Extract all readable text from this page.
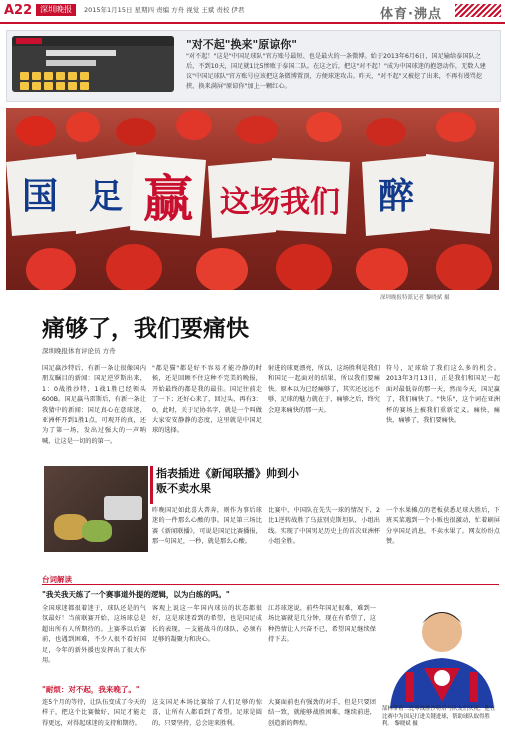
A22 深圳晚报	2015年1月15日 星期四 责编 方舟 视觉 王斌 责校 伊君	体育·沸点
"对不起"换来"原谅你"
"对不起！"这是"中国足球队"官方账号最短、也是最火的一条微博。始于2013年6月6日，国足输给泰国队之后，不到10天，国足就1比5惨败于泰国二队。在这之后，把这"对不起！"成为中国球迷的抱怨动作，无数人建议"中国足球队"官方账号应该把这条微博置顶，方便球迷攻击。昨天，"对不起"又被挖了出来，不再有谩骂挖挟，换来满屏"原谅你"加上一颗红心。
国 足 赢 这场我们 醉
深圳晚报特派记者 黎晓斌 摄
痛够了，我们要痛快
深圳晚报体育评论员 方舟
国足赢沙特后，有新一条让很像国内朋友瞩目的新闻：国足逆罗斯出来，1：0战胜沙特，1战1胜已经领头600B。国足赢马雷斯后，有新一条让我猜中的新闻：国足真心在意球迷，亚洲杯开到1胜1点，可观开的真，还为了第一场，发出过强大的一声呐喊，让这是一切的的第一。
"都是猫"都是好不容易才能冷静的时候，还是回顾不住这种不完美的晚报，开始最终的都是我的最佳。国足往前走了一下；还好心来了，回过头，再有3：0，此时，关于足协名字，就是一个叫做大家安安静静的态度，这里就是中国足球的选择。
射进的球更漂亮，所以，这场胜利是我们和国足一起面对的结果，所以我们要痛快。原本以为已经痛够了，其实还远远不够，足球的魅力就在于，痛够之后，终究会迎来痛快的那一天。
符号，足球给了我们这么多的机会。2013年3月13日，正是我们和国足一起面对最低谷的那一天，然而今天，国足赢了，我们痛快了。"快乐"，这个词在亚洲杯的赛场上被我们重新定义。痛快，痛快，痛够了，我们要痛快。
指表插进《新闻联播》帅到小贩不卖水果
昨晚国足如此喜大普奔，则作为事后球迷的一件那么心酸的事。国足第三场比赛《新闻联播》，可说是国足比赛播报，那一句国足，一秒，就是那么心酸。
比赛中，中国队在先失一球的情况下，2比1逆转战胜了乌兹别克斯坦队，小组出线。实现了中国男足历史上的首次亚洲杯小组全胜。
一个水果摊点的老板获悉足球大胜后，下班买菜遇到一个小贩也很激动，忙着刷屏分享国足消息，不卖水果了。网友纷纷点赞。
台词解读
"我关我天练了一个赛事道外提的逻辑，以为白练的吗。"
全国球迷都很着迷于，球队还是的气氛最好！当前联赛开始，这场球总是超出所有人所期待的。上赛季以后赛前，也遇到困难，不少人很不看好国足，今年的新外援也发挥出了很大作用。
客观上说这一年国内球员的状态都很好，这是球迷看到的希望，也是国足成长的表现。一支能战斗的球队，必须有足够的凝聚力和决心。
江苏球迷说，前些年国足很难，难到一场比赛就是几分钟，现在有希望了，这种热情让人兴奋不已，希望国足继续保持下去。
"耐烦：对不起，我来晚了。"
连5个月的等待，让队伍变成了今天的样子，把这个比赛做好，国足才能走得更远，对得起球迷的支持和期待。
这支国足本场比赛给了人们足够的惊喜，让所有人都看到了希望。足球是圆的，只要坚持，总会迎来胜利。
大赛面前也有强劲的对手，但是只要团结一致，就能够战胜困难，继续前进，创造新的辉煌。
郜林带着三比零战胜沙特后与队友们庆祝，他在比赛中为国足打进关键进球，帮助球队取得胜利。 黎晓斌 摄
